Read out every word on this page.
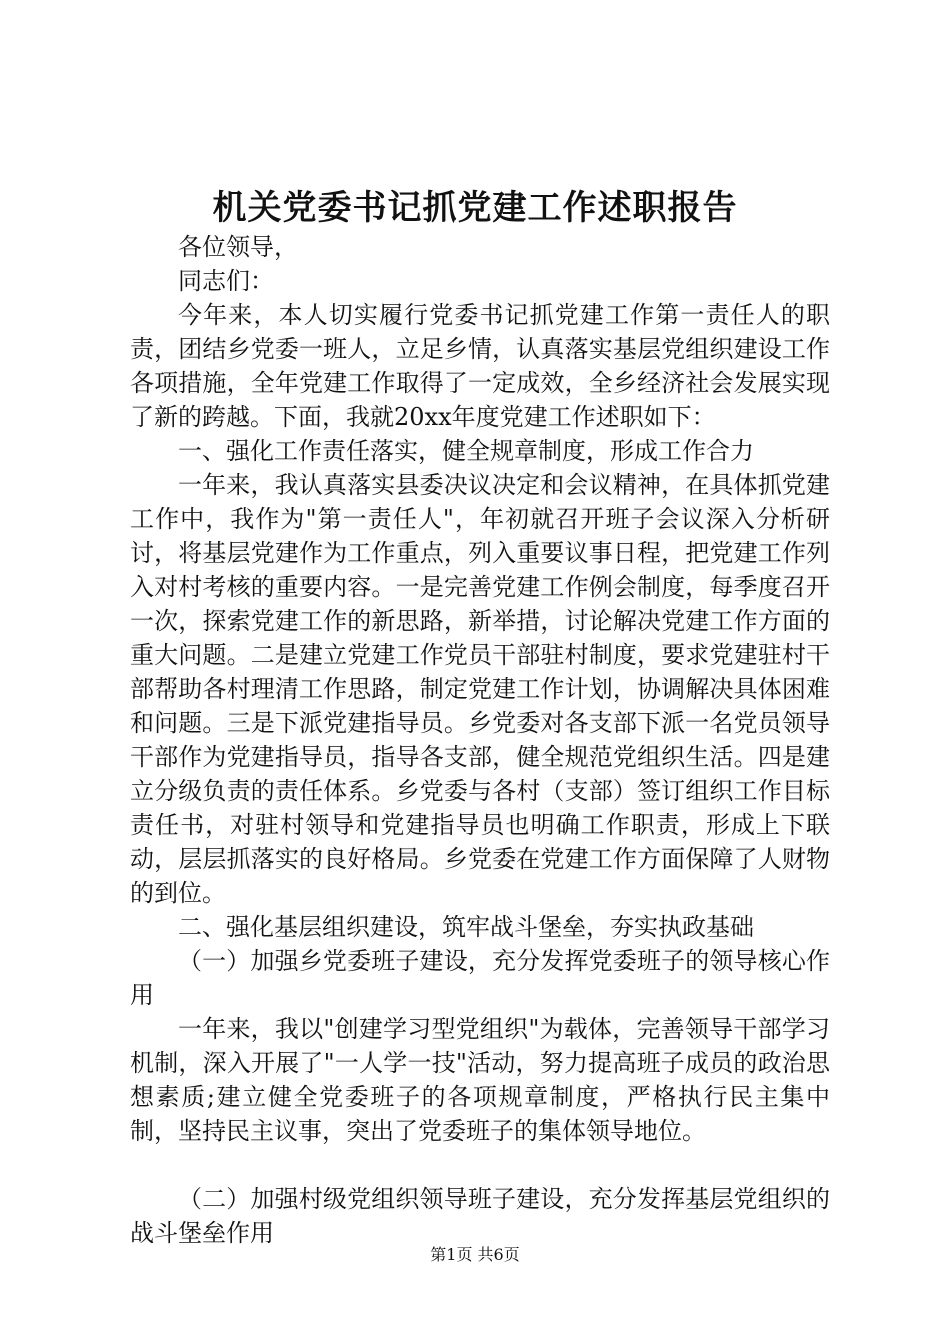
机关党委书记抓党建工作述职报告

各位领导，

同志们：

今年来，本人切实履行党委书记抓党建工作第一责任人的职责，团结乡党委一班人，立足乡情，认真落实基层党组织建设工作各项措施，全年党建工作取得了一定成效，全乡经济社会发展实现了新的跨越。下面，我就20xx年度党建工作述职如下：

一、强化工作责任落实，健全规章制度，形成工作合力

一年来，我认真落实县委决议决定和会议精神，在具体抓党建工作中，我作为"第一责任人"，年初就召开班子会议深入分析研讨，将基层党建作为工作重点，列入重要议事日程，把党建工作列入对村考核的重要内容。一是完善党建工作例会制度，每季度召开一次，探索党建工作的新思路，新举措，讨论解决党建工作方面的重大问题。二是建立党建工作党员干部驻村制度，要求党建驻村干部帮助各村理清工作思路，制定党建工作计划，协调解决具体困难和问题。三是下派党建指导员。乡党委对各支部下派一名党员领导干部作为党建指导员，指导各支部，健全规范党组织生活。四是建立分级负责的责任体系。乡党委与各村（支部）签订组织工作目标责任书，对驻村领导和党建指导员也明确工作职责，形成上下联动，层层抓落实的良好格局。乡党委在党建工作方面保障了人财物的到位。

二、强化基层组织建设，筑牢战斗堡垒，夯实执政基础

（一）加强乡党委班子建设，充分发挥党委班子的领导核心作用

一年来，我以"创建学习型党组织"为载体，完善领导干部学习机制，深入开展了"一人学一技"活动，努力提高班子成员的政治思想素质;建立健全党委班子的各项规章制度，严格执行民主集中制，坚持民主议事，突出了党委班子的集体领导地位。

（二）加强村级党组织领导班子建设，充分发挥基层党组织的战斗堡垒作用

第1页 共6页
